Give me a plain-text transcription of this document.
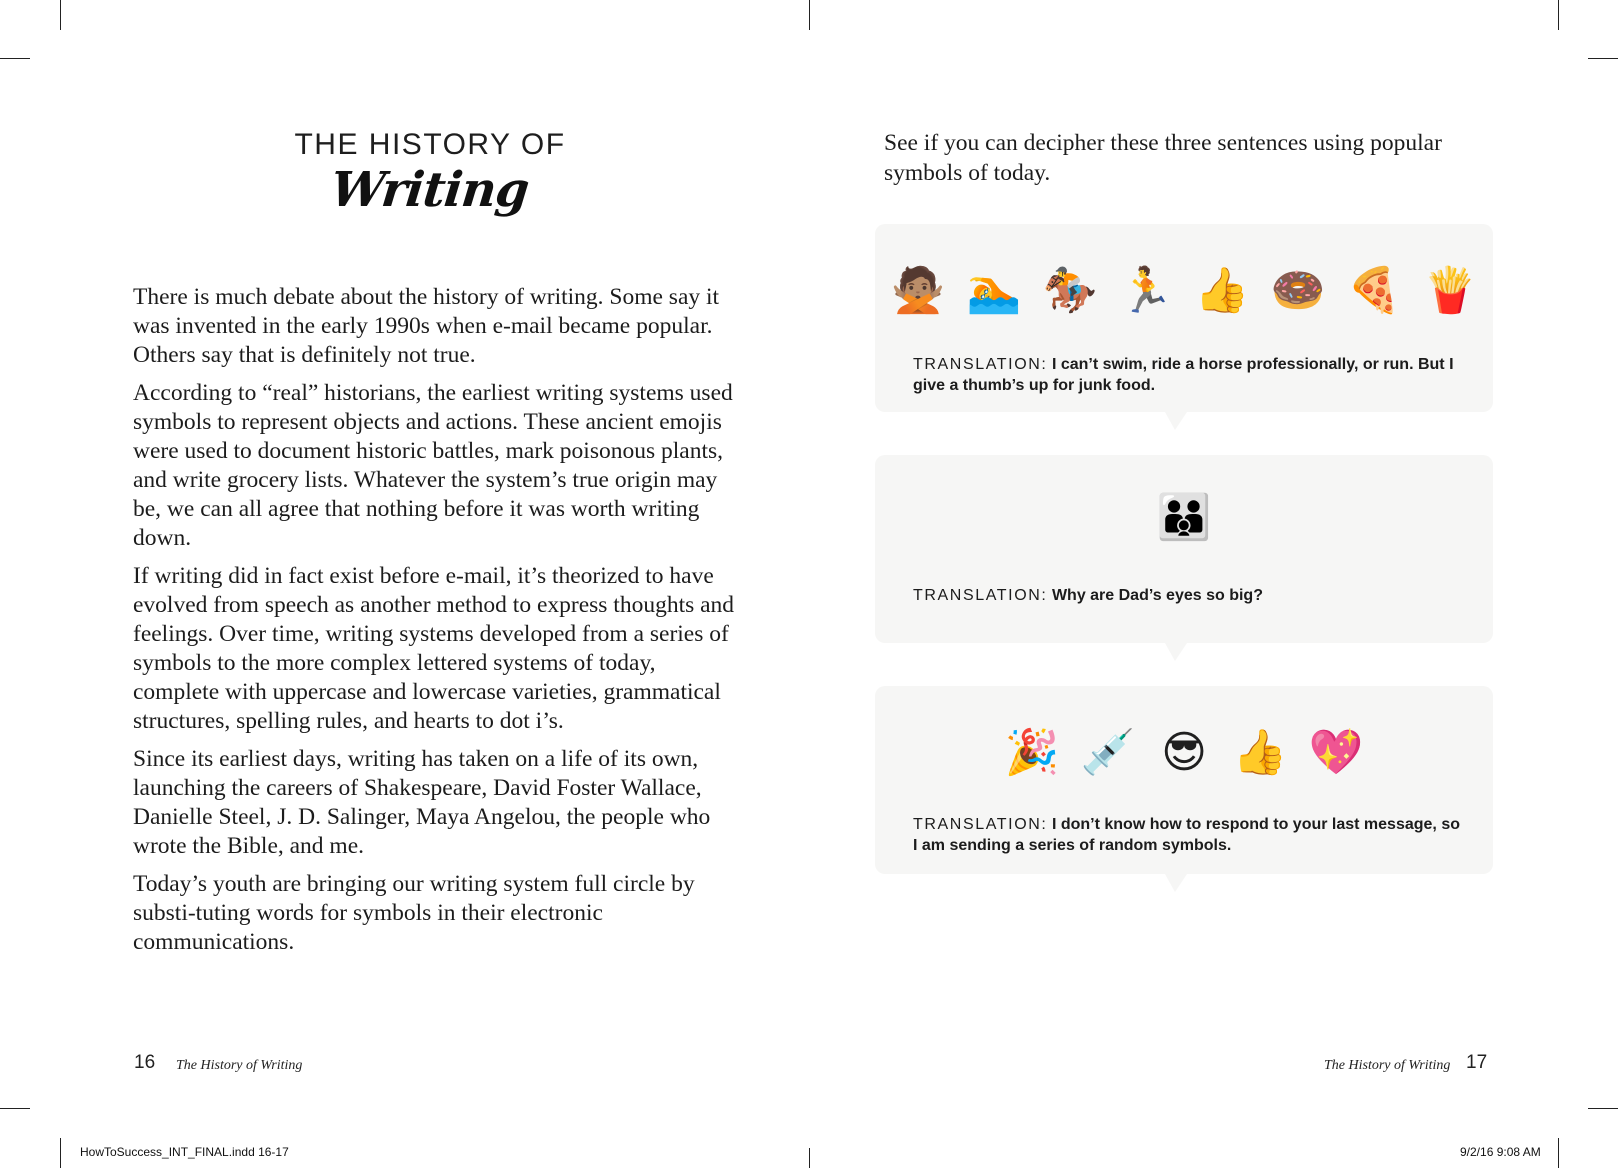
THE HISTORY OF
Writing

There is much debate about the history of writing. Some say it was invented in the early 1990s when e-mail became popular. Others say that is definitely not true.

According to “real” historians, the earliest writing systems used symbols to represent objects and actions. These ancient emojis were used to document historic battles, mark poisonous plants, and write grocery lists. Whatever the system’s true origin may be, we can all agree that nothing before it was worth writing down.

If writing did in fact exist before e-mail, it’s theorized to have evolved from speech as another method to express thoughts and feelings. Over time, writing systems developed from a series of symbols to the more complex lettered systems of today, complete with uppercase and lowercase varieties, grammatical structures, spelling rules, and hearts to dot i’s.

Since its earliest days, writing has taken on a life of its own, launching the careers of Shakespeare, David Foster Wallace, Danielle Steel, J. D. Salinger, Maya Angelou, the people who wrote the Bible, and me.

Today’s youth are bringing our writing system full circle by substi-tuting words for symbols in their electronic communications.

16 The History of Writing
See if you can decipher these three sentences using popular symbols of today.
🙅🏽 🏊 🏇 🏃 👍 🍩 🍕 🍟
TRANSLATION: I can’t swim, ride a horse professionally, or run. But I give a thumb’s up for junk food.
👪
TRANSLATION: Why are Dad’s eyes so big?
🎉 💉 😎 👍 💖
TRANSLATION: I don’t know how to respond to your last message, so I am sending a series of random symbols.
The History of Writing 17
HowToSuccess_INT_FINAL.indd 16-17	9/2/16 9:08 AM
